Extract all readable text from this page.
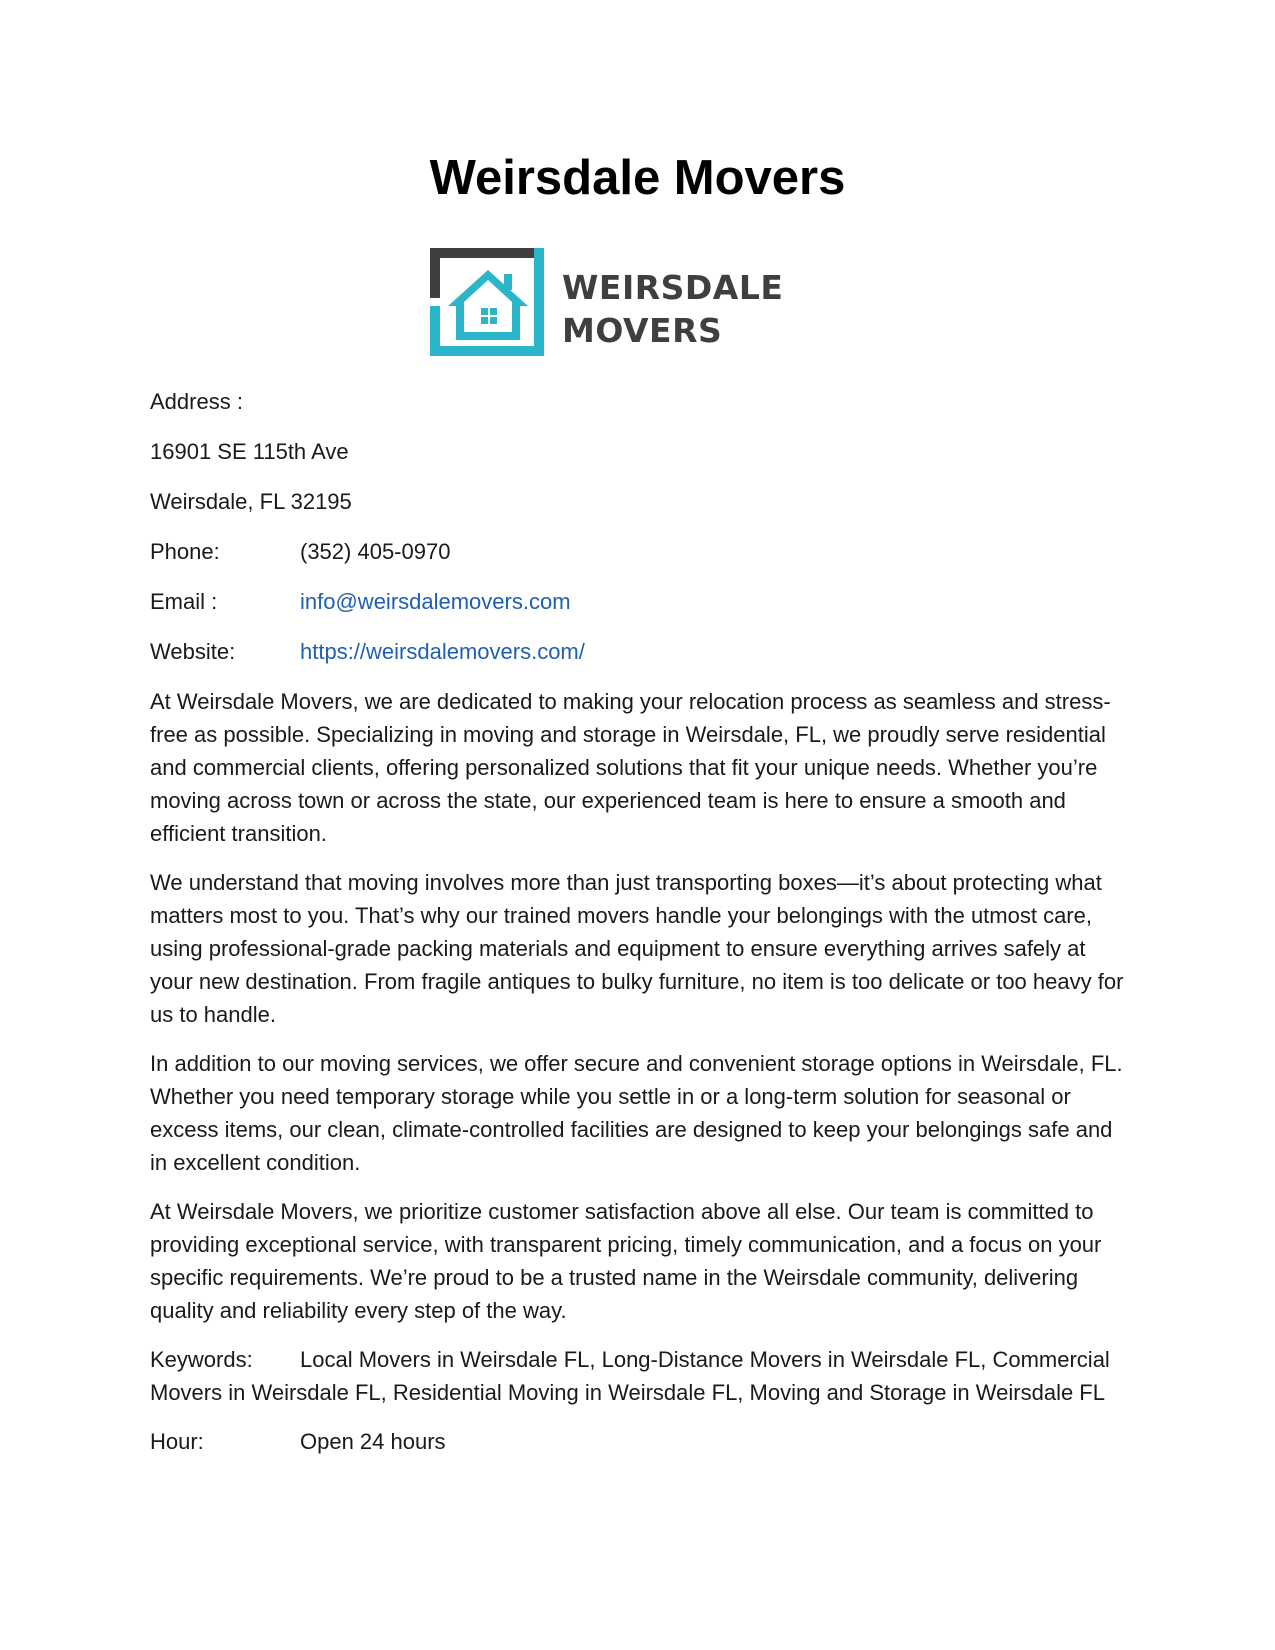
Weirsdale Movers
WEIRSDALE
MOVERS
Address :
16901 SE 115th Ave
Weirsdale, FL 32195
Phone:	(352) 405-0970
Email :	info@weirsdalemovers.com
Website:	https://weirsdalemovers.com/

At Weirsdale Movers, we are dedicated to making your relocation process as seamless and stress-free as possible. Specializing in moving and storage in Weirsdale, FL, we proudly serve residential and commercial clients, offering personalized solutions that fit your unique needs. Whether you’re moving across town or across the state, our experienced team is here to ensure a smooth and efficient transition.

We understand that moving involves more than just transporting boxes—it’s about protecting what matters most to you. That’s why our trained movers handle your belongings with the utmost care, using professional-grade packing materials and equipment to ensure everything arrives safely at your new destination. From fragile antiques to bulky furniture, no item is too delicate or too heavy for us to handle.

In addition to our moving services, we offer secure and convenient storage options in Weirsdale, FL. Whether you need temporary storage while you settle in or a long-term solution for seasonal or excess items, our clean, climate-controlled facilities are designed to keep your belongings safe and in excellent condition.

At Weirsdale Movers, we prioritize customer satisfaction above all else. Our team is committed to providing exceptional service, with transparent pricing, timely communication, and a focus on your specific requirements. We’re proud to be a trusted name in the Weirsdale community, delivering quality and reliability every step of the way.

Keywords: Local Movers in Weirsdale FL, Long-Distance Movers in Weirsdale FL, Commercial Movers in Weirsdale FL, Residential Moving in Weirsdale FL, Moving and Storage in Weirsdale FL

Hour:	Open 24 hours
